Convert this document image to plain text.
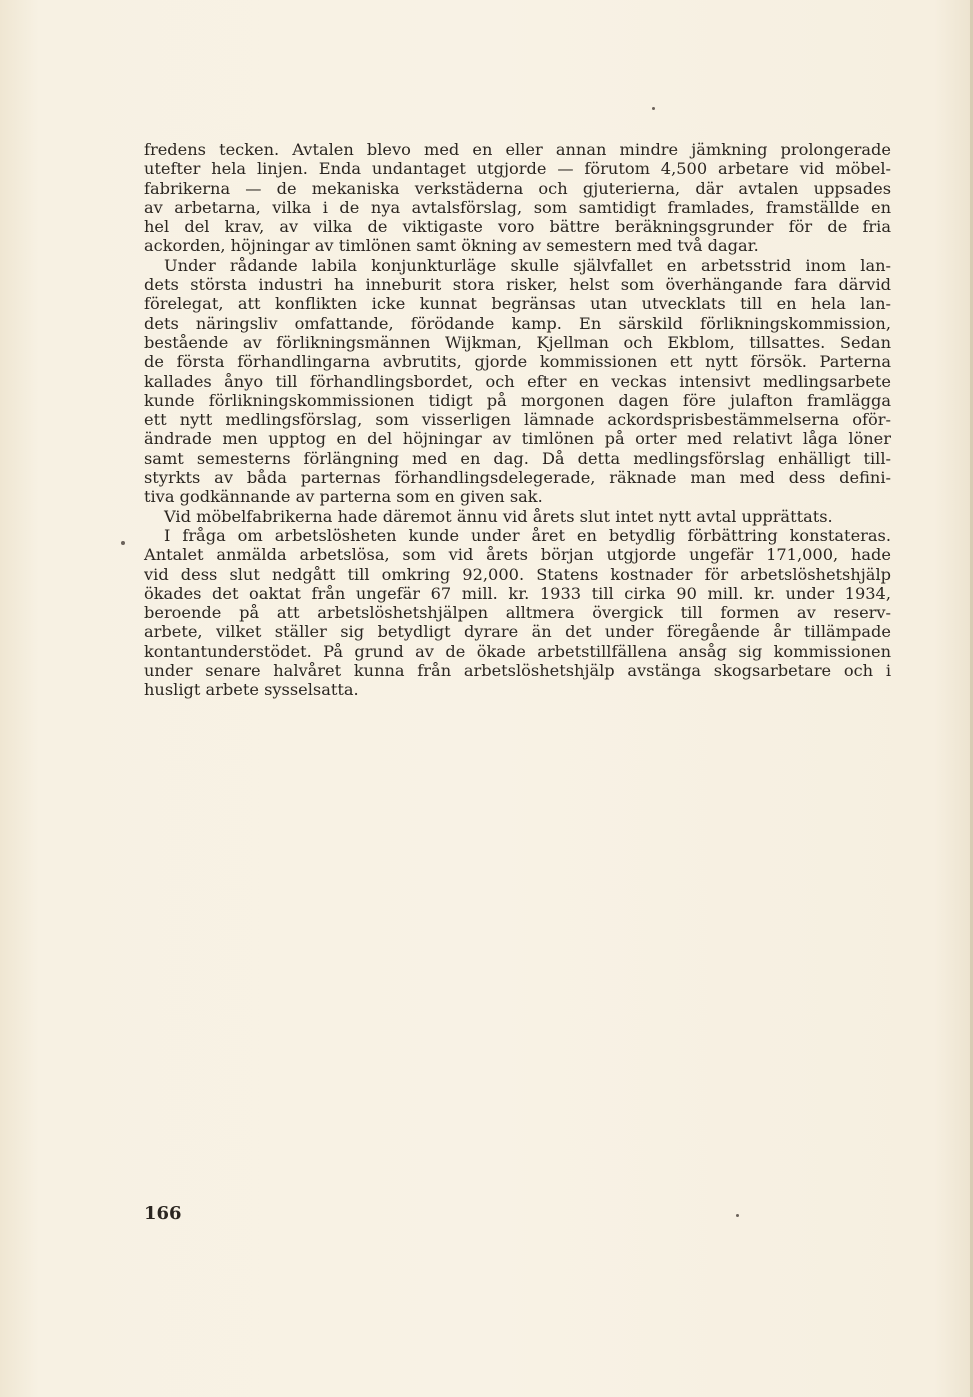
fredens tecken. Avtalen blevo med en eller annan mindre jämkning prolongerade
utefter hela linjen. Enda undantaget utgjorde — förutom 4,500 arbetare vid möbel-
fabrikerna — de mekaniska verkstäderna och gjuterierna, där avtalen uppsades
av arbetarna, vilka i de nya avtalsförslag, som samtidigt framlades, framställde en
hel del krav, av vilka de viktigaste voro bättre beräkningsgrunder för de fria
ackorden, höjningar av timlönen samt ökning av semestern med två dagar.
Under rådande labila konjunkturläge skulle självfallet en arbetsstrid inom lan-
dets största industri ha inneburit stora risker, helst som överhängande fara därvid
förelegat, att konflikten icke kunnat begränsas utan utvecklats till en hela lan-
dets näringsliv omfattande, förödande kamp. En särskild förlikningskommission,
bestående av förlikningsmännen Wijkman, Kjellman och Ekblom, tillsattes. Sedan
de första förhandlingarna avbrutits, gjorde kommissionen ett nytt försök. Parterna
kallades ånyo till förhandlingsbordet, och efter en veckas intensivt medlingsarbete
kunde förlikningskommissionen tidigt på morgonen dagen före julafton framlägga
ett nytt medlingsförslag, som visserligen lämnade ackordsprisbestämmelserna oför-
ändrade men upptog en del höjningar av timlönen på orter med relativt låga löner
samt semesterns förlängning med en dag. Då detta medlingsförslag enhälligt till-
styrkts av båda parternas förhandlingsdelegerade, räknade man med dess defini-
tiva godkännande av parterna som en given sak.
Vid möbelfabrikerna hade däremot ännu vid årets slut intet nytt avtal upprättats.
I fråga om arbetslösheten kunde under året en betydlig förbättring konstateras.
Antalet anmälda arbetslösa, som vid årets början utgjorde ungefär 171,000, hade
vid dess slut nedgått till omkring 92,000. Statens kostnader för arbetslöshetshjälp
ökades det oaktat från ungefär 67 mill. kr. 1933 till cirka 90 mill. kr. under 1934,
beroende på att arbetslöshetshjälpen alltmera övergick till formen av reserv-
arbete, vilket ställer sig betydligt dyrare än det under föregående år tillämpade
kontantunderstödet. På grund av de ökade arbetstillfällena ansåg sig kommissionen
under senare halvåret kunna från arbetslöshetshjälp avstänga skogsarbetare och i
husligt arbete sysselsatta.
166
